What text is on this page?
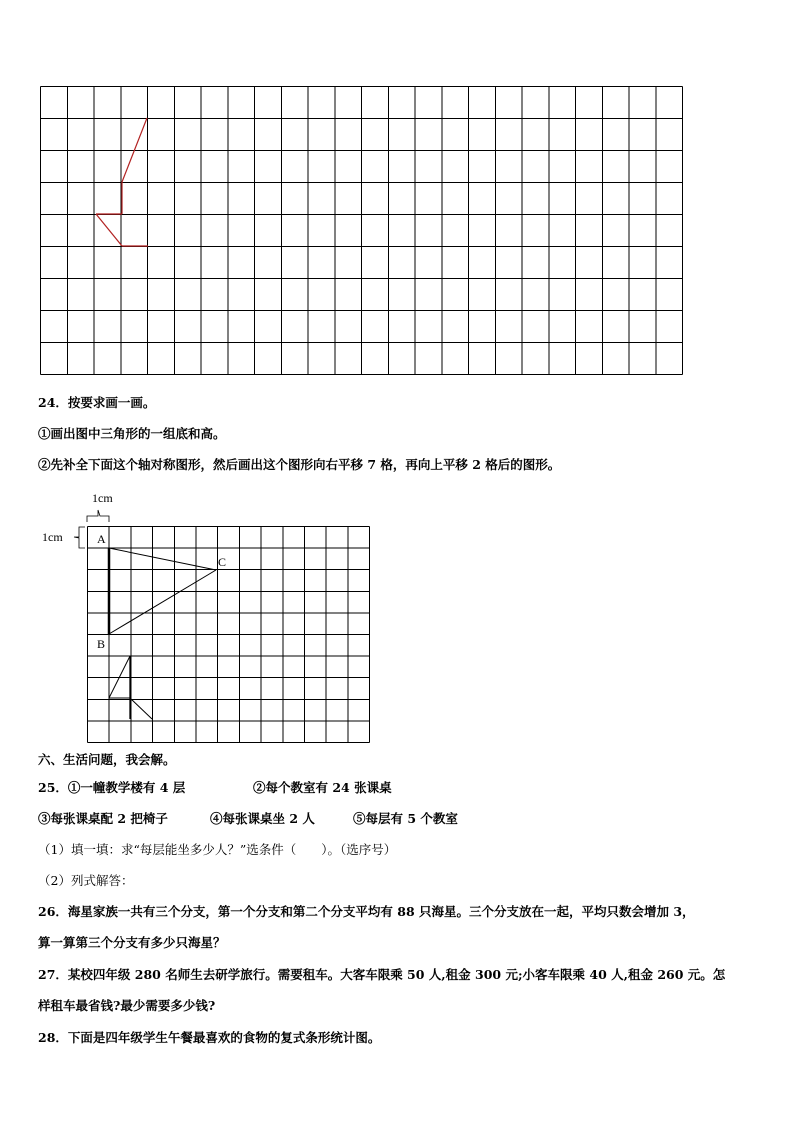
24．按要求画一画。
①画出图中三角形的一组底和高。
②先补全下面这个轴对称图形，然后画出这个图形向右平移 7 格，再向上平移 2 格后的图形。
1cm
1cm	A
B
C
六、生活问题，我会解。
25．①一幢教学楼有 4 层	②每个教室有 24 张课桌
③每张课桌配 2 把椅子	④每张课桌坐 2 人	⑤每层有 5 个教室
（1）填一填：求“每层能坐多少人？”选条件（　　）。（选序号）
（2）列式解答：
26．海星家族一共有三个分支，第一个分支和第二个分支平均有 88 只海星。三个分支放在一起，平均只数会增加 3，
算一算第三个分支有多少只海星？
27．某校四年级 280 名师生去研学旅行。需要租车。大客车限乘 50 人,租金 300 元;小客车限乘 40 人,租金 260 元。怎
样租车最省钱?最少需要多少钱?
28．下面是四年级学生午餐最喜欢的食物的复式条形统计图。
